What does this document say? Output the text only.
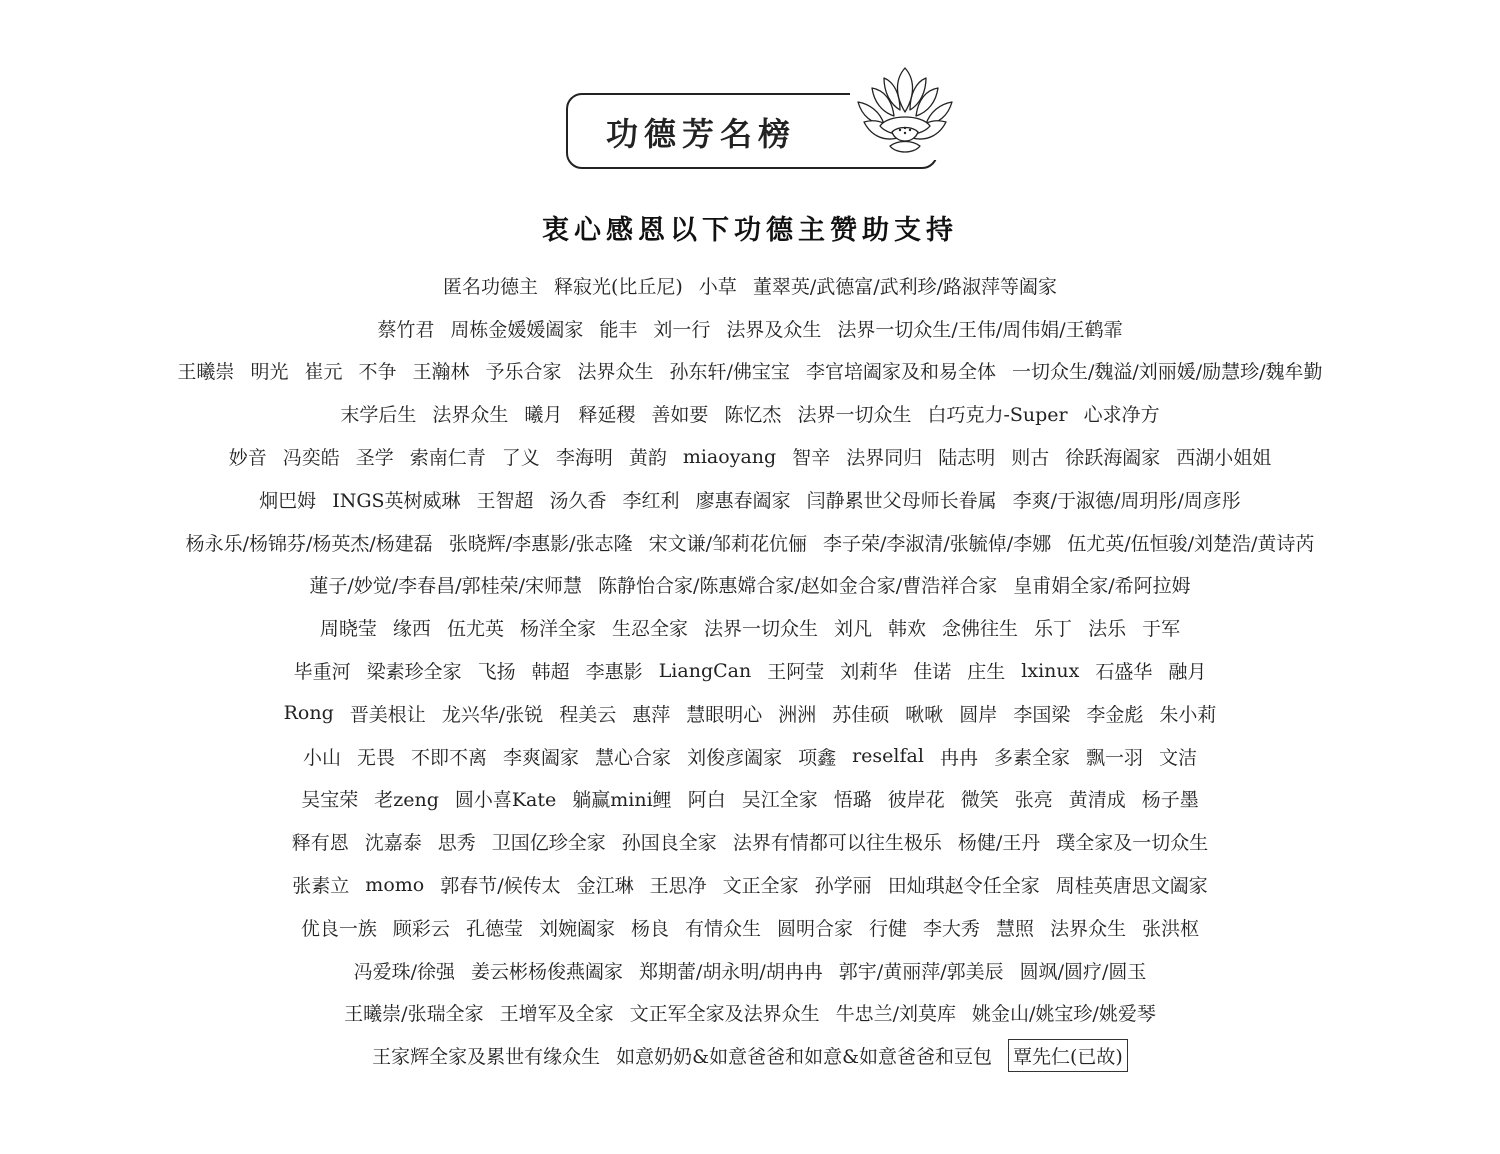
功德芳名榜
衷心感恩以下功德主赞助支持
匿名功德主 释寂光(比丘尼) 小草 董翠英/武德富/武利珍/路淑萍等阖家
蔡竹君 周栋金媛媛阖家 能丰 刘一行 法界及众生 法界一切众生/王伟/周伟娟/王鹤霏
王曦崇 明光 崔元 不争 王瀚林 予乐合家 法界众生 孙东轩/佛宝宝 李官培阖家及和易全体 一切众生/魏溢/刘丽媛/励慧珍/魏牟勤
末学后生 法界众生 曦月 释延稷 善如要 陈忆杰 法界一切众生 白巧克力-Super 心求净方
妙音 冯奕皓 圣学 索南仁青 了义 李海明 黄韵 miaoyang 智辛 法界同归 陆志明 则古 徐跃海阖家 西湖小姐姐
炯巴姆 INGS英树威琳 王智超 汤久香 李红利 廖惠春阖家 闫静累世父母师长眷属 李爽/于淑德/周玥彤/周彦彤
杨永乐/杨锦芬/杨英杰/杨建磊 张晓辉/李惠影/张志隆 宋文谦/邹莉花伉俪 李子荣/李淑清/张毓倬/李娜 伍尤英/伍恒骏/刘楚浩/黄诗芮
蓮子/妙觉/李春昌/郭桂荣/宋师慧 陈静怡合家/陈惠嫦合家/赵如金合家/曹浩祥合家 皇甫娟全家/希阿拉姆
周晓莹 缘西 伍尤英 杨洋全家 生忍全家 法界一切众生 刘凡 韩欢 念佛往生 乐丁 法乐 于军
毕重河 梁素珍全家 飞扬 韩超 李惠影 LiangCan 王阿莹 刘莉华 佳诺 庄生 lxinux 石盛华 融月
Rong 晋美根让 龙兴华/张锐 程美云 惠萍 慧眼明心 洲洲 苏佳硕 啾啾 圆岸 李国梁 李金彪 朱小莉
小山 无畏 不即不离 李爽阖家 慧心合家 刘俊彦阖家 项鑫 reselfal 冉冉 多素全家 飘一羽 文洁
吴宝荣 老zeng 圆小喜Kate 躺赢mini鲤 阿白 吴江全家 悟璐 彼岸花 微笑 张亮 黄清成 杨子墨
释有恩 沈嘉泰 思秀 卫国亿珍全家 孙国良全家 法界有情都可以往生极乐 杨健/王丹 璞全家及一切众生
张素立 momo 郭春节/候传太 金江琳 王思净 文正全家 孙学丽 田灿琪赵令任全家 周桂英唐思文阖家
优良一族 顾彩云 孔德莹 刘婉阖家 杨良 有情众生 圆明合家 行健 李大秀 慧照 法界众生 张洪枢
冯爱珠/徐强 姜云彬杨俊燕阖家 郑期蕾/胡永明/胡冉冉 郭宇/黄丽萍/郭美辰 圆飒/圆疗/圆玉
王曦崇/张瑞全家 王增军及全家 文正军全家及法界众生 牛忠兰/刘莫库 姚金山/姚宝珍/姚爱琴
王家辉全家及累世有缘众生 如意奶奶&如意爸爸和如意&如意爸爸和豆包 覃先仁(已故)
